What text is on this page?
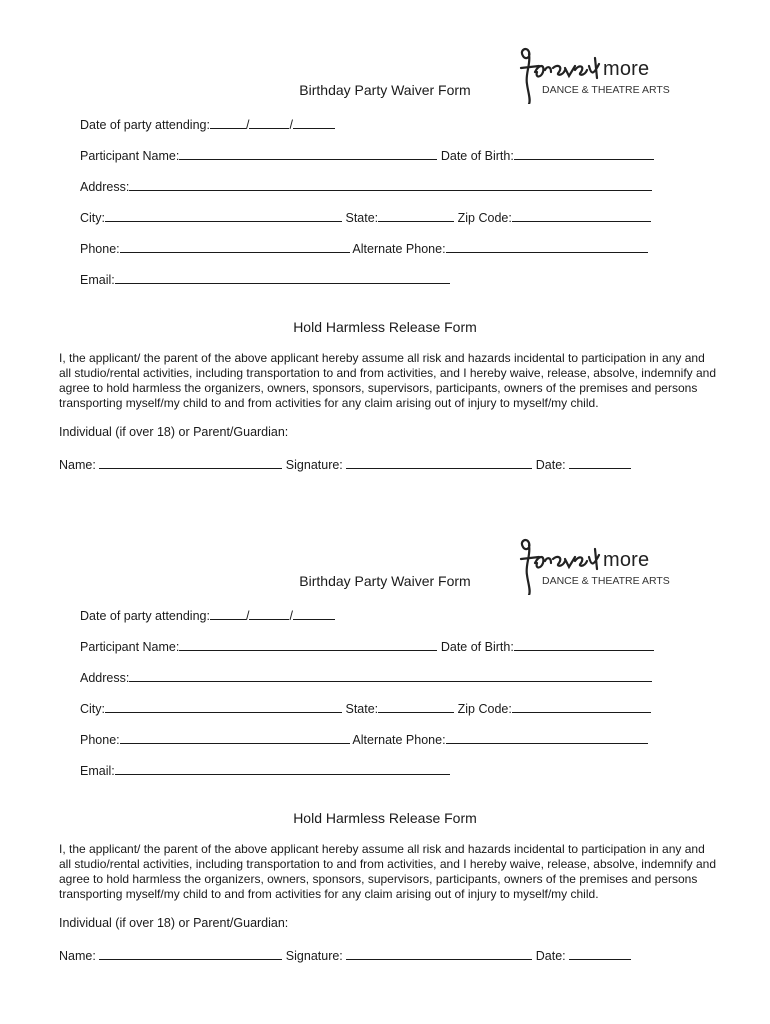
more
DANCE & THEATRE ARTS
Birthday Party Waiver Form
Date of party attending:	/	/
Participant Name:	Date of Birth:
Address:
City:	State:	Zip Code:
Phone:	Alternate Phone:
Email:
Hold Harmless Release Form
I, the applicant/ the parent of the above applicant hereby assume all risk and hazards incidental to participation in any and all studio/rental activities, including transportation to and from activities, and I hereby waive, release, absolve, indemnify and agree to hold harmless the organizers, owners, sponsors, supervisors, participants, owners of the premises and persons transporting myself/my child to and from activities for any claim arising out of injury to myself/my child.
Individual (if over 18) or Parent/Guardian:
Name:	Signature:	Date:
more
DANCE & THEATRE ARTS
Birthday Party Waiver Form
Date of party attending:	/	/
Participant Name:	Date of Birth:
Address:
City:	State:	Zip Code:
Phone:	Alternate Phone:
Email:
Hold Harmless Release Form
I, the applicant/ the parent of the above applicant hereby assume all risk and hazards incidental to participation in any and all studio/rental activities, including transportation to and from activities, and I hereby waive, release, absolve, indemnify and agree to hold harmless the organizers, owners, sponsors, supervisors, participants, owners of the premises and persons transporting myself/my child to and from activities for any claim arising out of injury to myself/my child.
Individual (if over 18) or Parent/Guardian:
Name:	Signature:	Date:
